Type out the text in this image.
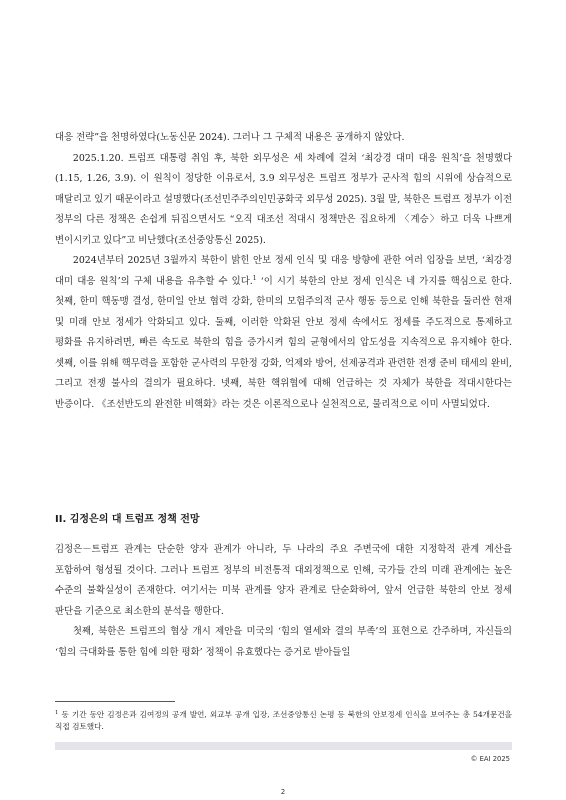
대응 전략”을 천명하였다(노동신문 2024). 그러나 그 구체적 내용은 공개하지 않았다.

2025.1.20. 트럼프 대통령 취임 후, 북한 외무성은 세 차례에 걸쳐 ‘최강경 대미 대응 원칙’을 천명했다(1.15, 1.26, 3.9). 이 원칙이 정당한 이유로서, 3.9 외무성은 트럼프 정부가 군사적 힘의 시위에 상습적으로 매달리고 있기 때문이라고 설명했다(조선민주주의인민공화국 외무성 2025). 3월 말, 북한은 트럼프 정부가 이전 정부의 다른 정책은 손쉽게 뒤집으면서도 “오직 대조선 적대시 정책만은 집요하게 〈계승〉하고 더욱 나쁘게 변이시키고 있다”고 비난했다(조선중앙통신 2025).

2024년부터 2025년 3월까지 북한이 밝힌 안보 정세 인식 및 대응 방향에 관한 여러 입장을 보면, ‘최강경 대미 대응 원칙’의 구체 내용을 유추할 수 있다.$^1$ ‘이 시기 북한의 안보 정세 인식은 네 가지를 핵심으로 한다. 첫째, 한미 핵동맹 결성, 한미일 안보 협력 강화, 한미의 모험주의적 군사 행동 등으로 인해 북한을 둘러싼 현재 및 미래 안보 정세가 악화되고 있다. 둘째, 이러한 악화된 안보 정세 속에서도 정세를 주도적으로 통제하고 평화를 유지하려면, 빠른 속도로 북한의 힘을 증가시켜 힘의 균형에서의 압도성을 지속적으로 유지해야 한다. 셋째, 이를 위해 핵무력을 포함한 군사력의 무한정 강화, 억제와 방어, 선제공격과 관련한 전쟁 준비 태세의 완비, 그리고 전쟁 불사의 결의가 필요하다. 넷째, 북한 핵위협에 대해 언급하는 것 자체가 북한을 적대시한다는 반증이다. 《조선반도의 완전한 비핵화》라는 것은 이론적으로나 실천적으로, 물리적으로 이미 사멸되었다.

II. 김정은의 대 트럼프 정책 전망

김정은－트럼프 관계는 단순한 양자 관계가 아니라, 두 나라의 주요 주변국에 대한 지정학적 관계 계산을 포함하여 형성될 것이다. 그러나 트럼프 정부의 비전통적 대외정책으로 인해, 국가들 간의 미래 관계에는 높은 수준의 불확실성이 존재한다. 여기서는 미북 관계를 양자 관계로 단순화하여, 앞서 언급한 북한의 안보 정세 판단을 기준으로 최소한의 분석을 행한다.

첫째, 북한은 트럼프의 협상 개시 제안을 미국의 ‘힘의 열세와 결의 부족’의 표현으로 간주하며, 자신들의 ‘힘의 극대화를 통한 힘에 의한 평화’ 정책이 유효했다는 증거로 받아들일

$^1$ 동 기간 동안 김정은과 김여정의 공개 발언, 외교부 공개 입장, 조선중앙통신 논평 등 북한의 안보정세 인식을 보여주는 총 54개문건을 직접 검토했다.

© EAI 2025
2
